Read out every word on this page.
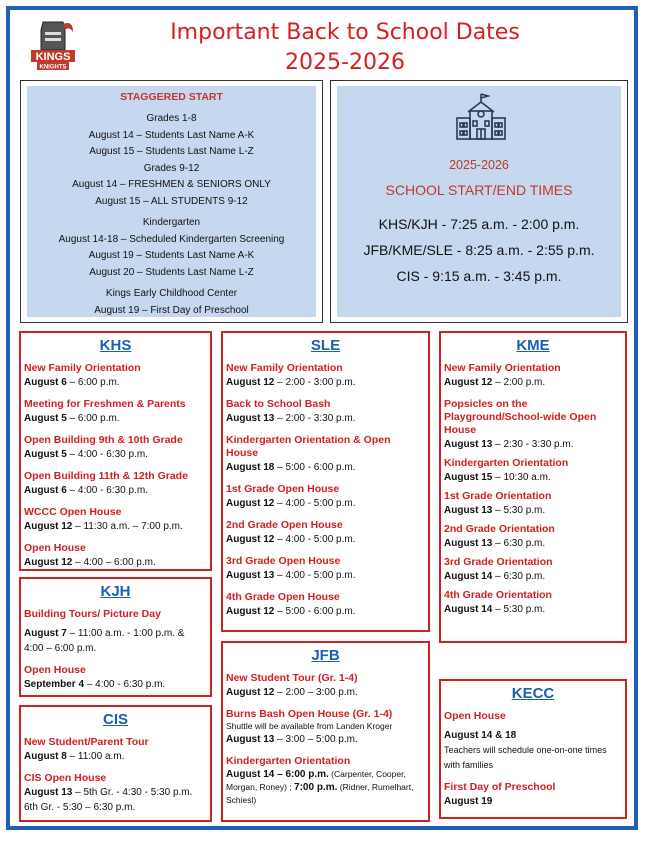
KINGS
KNIGHTS
Important Back to School Dates
2025-2026
STAGGERED START
Grades 1-8
August 14 – Students Last Name A-K
August 15 – Students Last Name L-Z
Grades 9-12
August 14 – FRESHMEN & SENIORS ONLY
August 15 – ALL STUDENTS 9-12
Kindergarten
August 14-18 – Scheduled Kindergarten Screening
August 19 – Students Last Name A-K
August 20 – Students Last Name L-Z
Kings Early Childhood Center
August 19 – First Day of Preschool
2025-2026
SCHOOL START/END TIMES
KHS/KJH - 7:25 a.m. - 2:00 p.m.
JFB/KME/SLE - 8:25 a.m. - 2:55 p.m.
CIS - 9:15 a.m. - 3:45 p.m.
KHS
New Family Orientation
August 6 – 6:00 p.m.
Meeting for Freshmen & Parents
August 5 – 6:00 p.m.
Open Building 9th & 10th Grade
August 5 – 4:00 - 6:30 p.m.
Open Building 11th & 12th Grade
August 6 – 4:00 - 6:30 p.m.
WCCC Open House
August 12 – 11:30 a.m. – 7:00 p.m.
Open House
August 12 – 4:00 – 6:00 p.m.
KJH
Building Tours/ Picture Day
August 7 – 11:00 a.m. - 1:00 p.m. &
4:00 – 6:00 p.m.
Open House
September 4 – 4:00 - 6:30 p.m.
CIS
New Student/Parent Tour
August 8 – 11:00 a.m.
CIS Open House
August 13 – 5th Gr. - 4:30 - 5:30 p.m.
6th Gr. - 5:30 – 6:30 p.m.
SLE
New Family Orientation
August 12 – 2:00 - 3:00 p.m.
Back to School Bash
August 13 – 2:00 - 3:30 p.m.
Kindergarten Orientation & Open House
August 18 – 5:00 - 6:00 p.m.
1st Grade Open House
August 12 – 4:00 - 5:00 p.m.
2nd Grade Open House
August 12 – 4:00 - 5:00 p.m.
3rd Grade Open House
August 13 – 4:00 - 5:00 p.m.
4th Grade Open House
August 12 – 5:00 - 6:00 p.m.
JFB
New Student Tour (Gr. 1-4)
August 12 – 2:00 – 3:00 p.m.
Burns Bash Open House (Gr. 1-4)
Shuttle will be available from Landen Kroger
August 13 – 3:00 – 5:00 p.m.
Kindergarten Orientation
August 14 – 6:00 p.m. (Carpenter, Cooper, Morgan, Roney) ; 7:00 p.m. (Ridner, Rumelhart, Schiesl)
KME
New Family Orientation
August 12 – 2:00 p.m.
Popsicles on the Playground/School-wide Open House
August 13 – 2:30 - 3:30 p.m.
Kindergarten Orientation
August 15 – 10:30 a.m.
1st Grade Orientation
August 13 – 5:30 p.m.
2nd Grade Orientation
August 13 – 6:30 p.m.
3rd Grade Orientation
August 14 – 6:30 p.m.
4th Grade Orientation
August 14 – 5:30 p.m.
KECC
Open House
August 14 & 18
Teachers will schedule one-on-one times with families
First Day of Preschool
August 19
